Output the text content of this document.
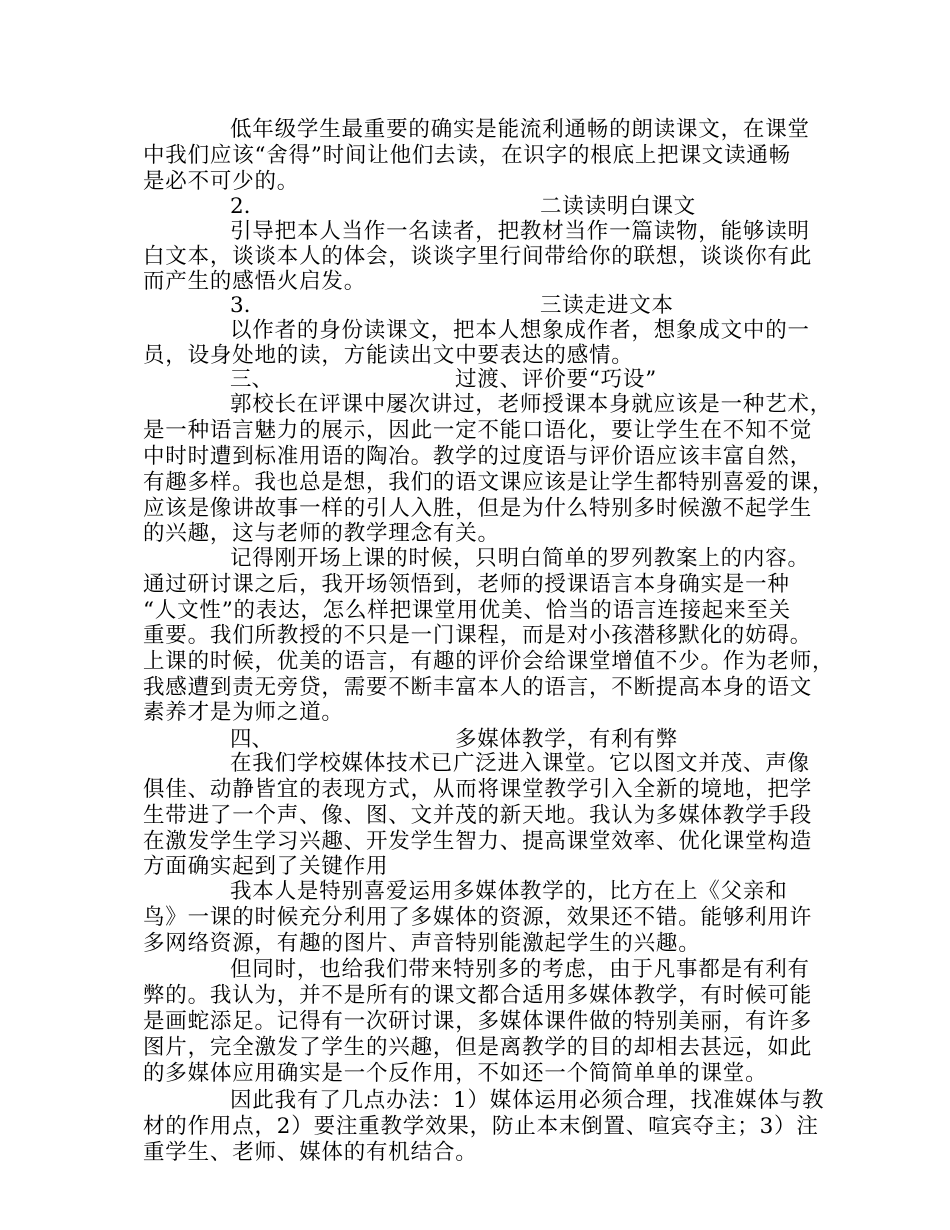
低年级学生最重要的确实是能流利通畅的朗读课文，在课堂
中我们应该“舍得”时间让他们去读，在识字的根底上把课文读通畅
是必不可少的。
2.	二读读明白课文
引导把本人当作一名读者，把教材当作一篇读物，能够读明
白文本，谈谈本人的体会，谈谈字里行间带给你的联想，谈谈你有此
而产生的感悟火启发。
3.	三读走进文本
以作者的身份读课文，把本人想象成作者，想象成文中的一
员，设身处地的读，方能读出文中要表达的感情。
三、	过渡、评价要“巧设”
郭校长在评课中屡次讲过，老师授课本身就应该是一种艺术，
是一种语言魅力的展示，因此一定不能口语化，要让学生在不知不觉
中时时遭到标准用语的陶冶。教学的过度语与评价语应该丰富自然，
有趣多样。我也总是想，我们的语文课应该是让学生都特别喜爱的课，
应该是像讲故事一样的引人入胜，但是为什么特别多时候激不起学生
的兴趣，这与老师的教学理念有关。
记得刚开场上课的时候，只明白简单的罗列教案上的内容。
通过研讨课之后，我开场领悟到，老师的授课语言本身确实是一种
“人文性”的表达，怎么样把课堂用优美、恰当的语言连接起来至关
重要。我们所教授的不只是一门课程，而是对小孩潜移默化的妨碍。
上课的时候，优美的语言，有趣的评价会给课堂增值不少。作为老师，
我感遭到责无旁贷，需要不断丰富本人的语言，不断提高本身的语文
素养才是为师之道。
四、	多媒体教学，有利有弊
在我们学校媒体技术已广泛进入课堂。它以图文并茂、声像
俱佳、动静皆宜的表现方式，从而将课堂教学引入全新的境地，把学
生带进了一个声、像、图、文并茂的新天地。我认为多媒体教学手段
在激发学生学习兴趣、开发学生智力、提高课堂效率、优化课堂构造
方面确实起到了关键作用
我本人是特别喜爱运用多媒体教学的，比方在上《父亲和
鸟》一课的时候充分利用了多媒体的资源，效果还不错。能够利用许
多网络资源，有趣的图片、声音特别能激起学生的兴趣。
但同时，也给我们带来特别多的考虑，由于凡事都是有利有
弊的。我认为，并不是所有的课文都合适用多媒体教学，有时候可能
是画蛇添足。记得有一次研讨课，多媒体课件做的特别美丽，有许多
图片，完全激发了学生的兴趣，但是离教学的目的却相去甚远，如此
的多媒体应用确实是一个反作用，不如还一个简简单单的课堂。
因此我有了几点办法：1）媒体运用必须合理，找准媒体与教
材的作用点，2）要注重教学效果，防止本末倒置、喧宾夺主；3）注
重学生、老师、媒体的有机结合。
